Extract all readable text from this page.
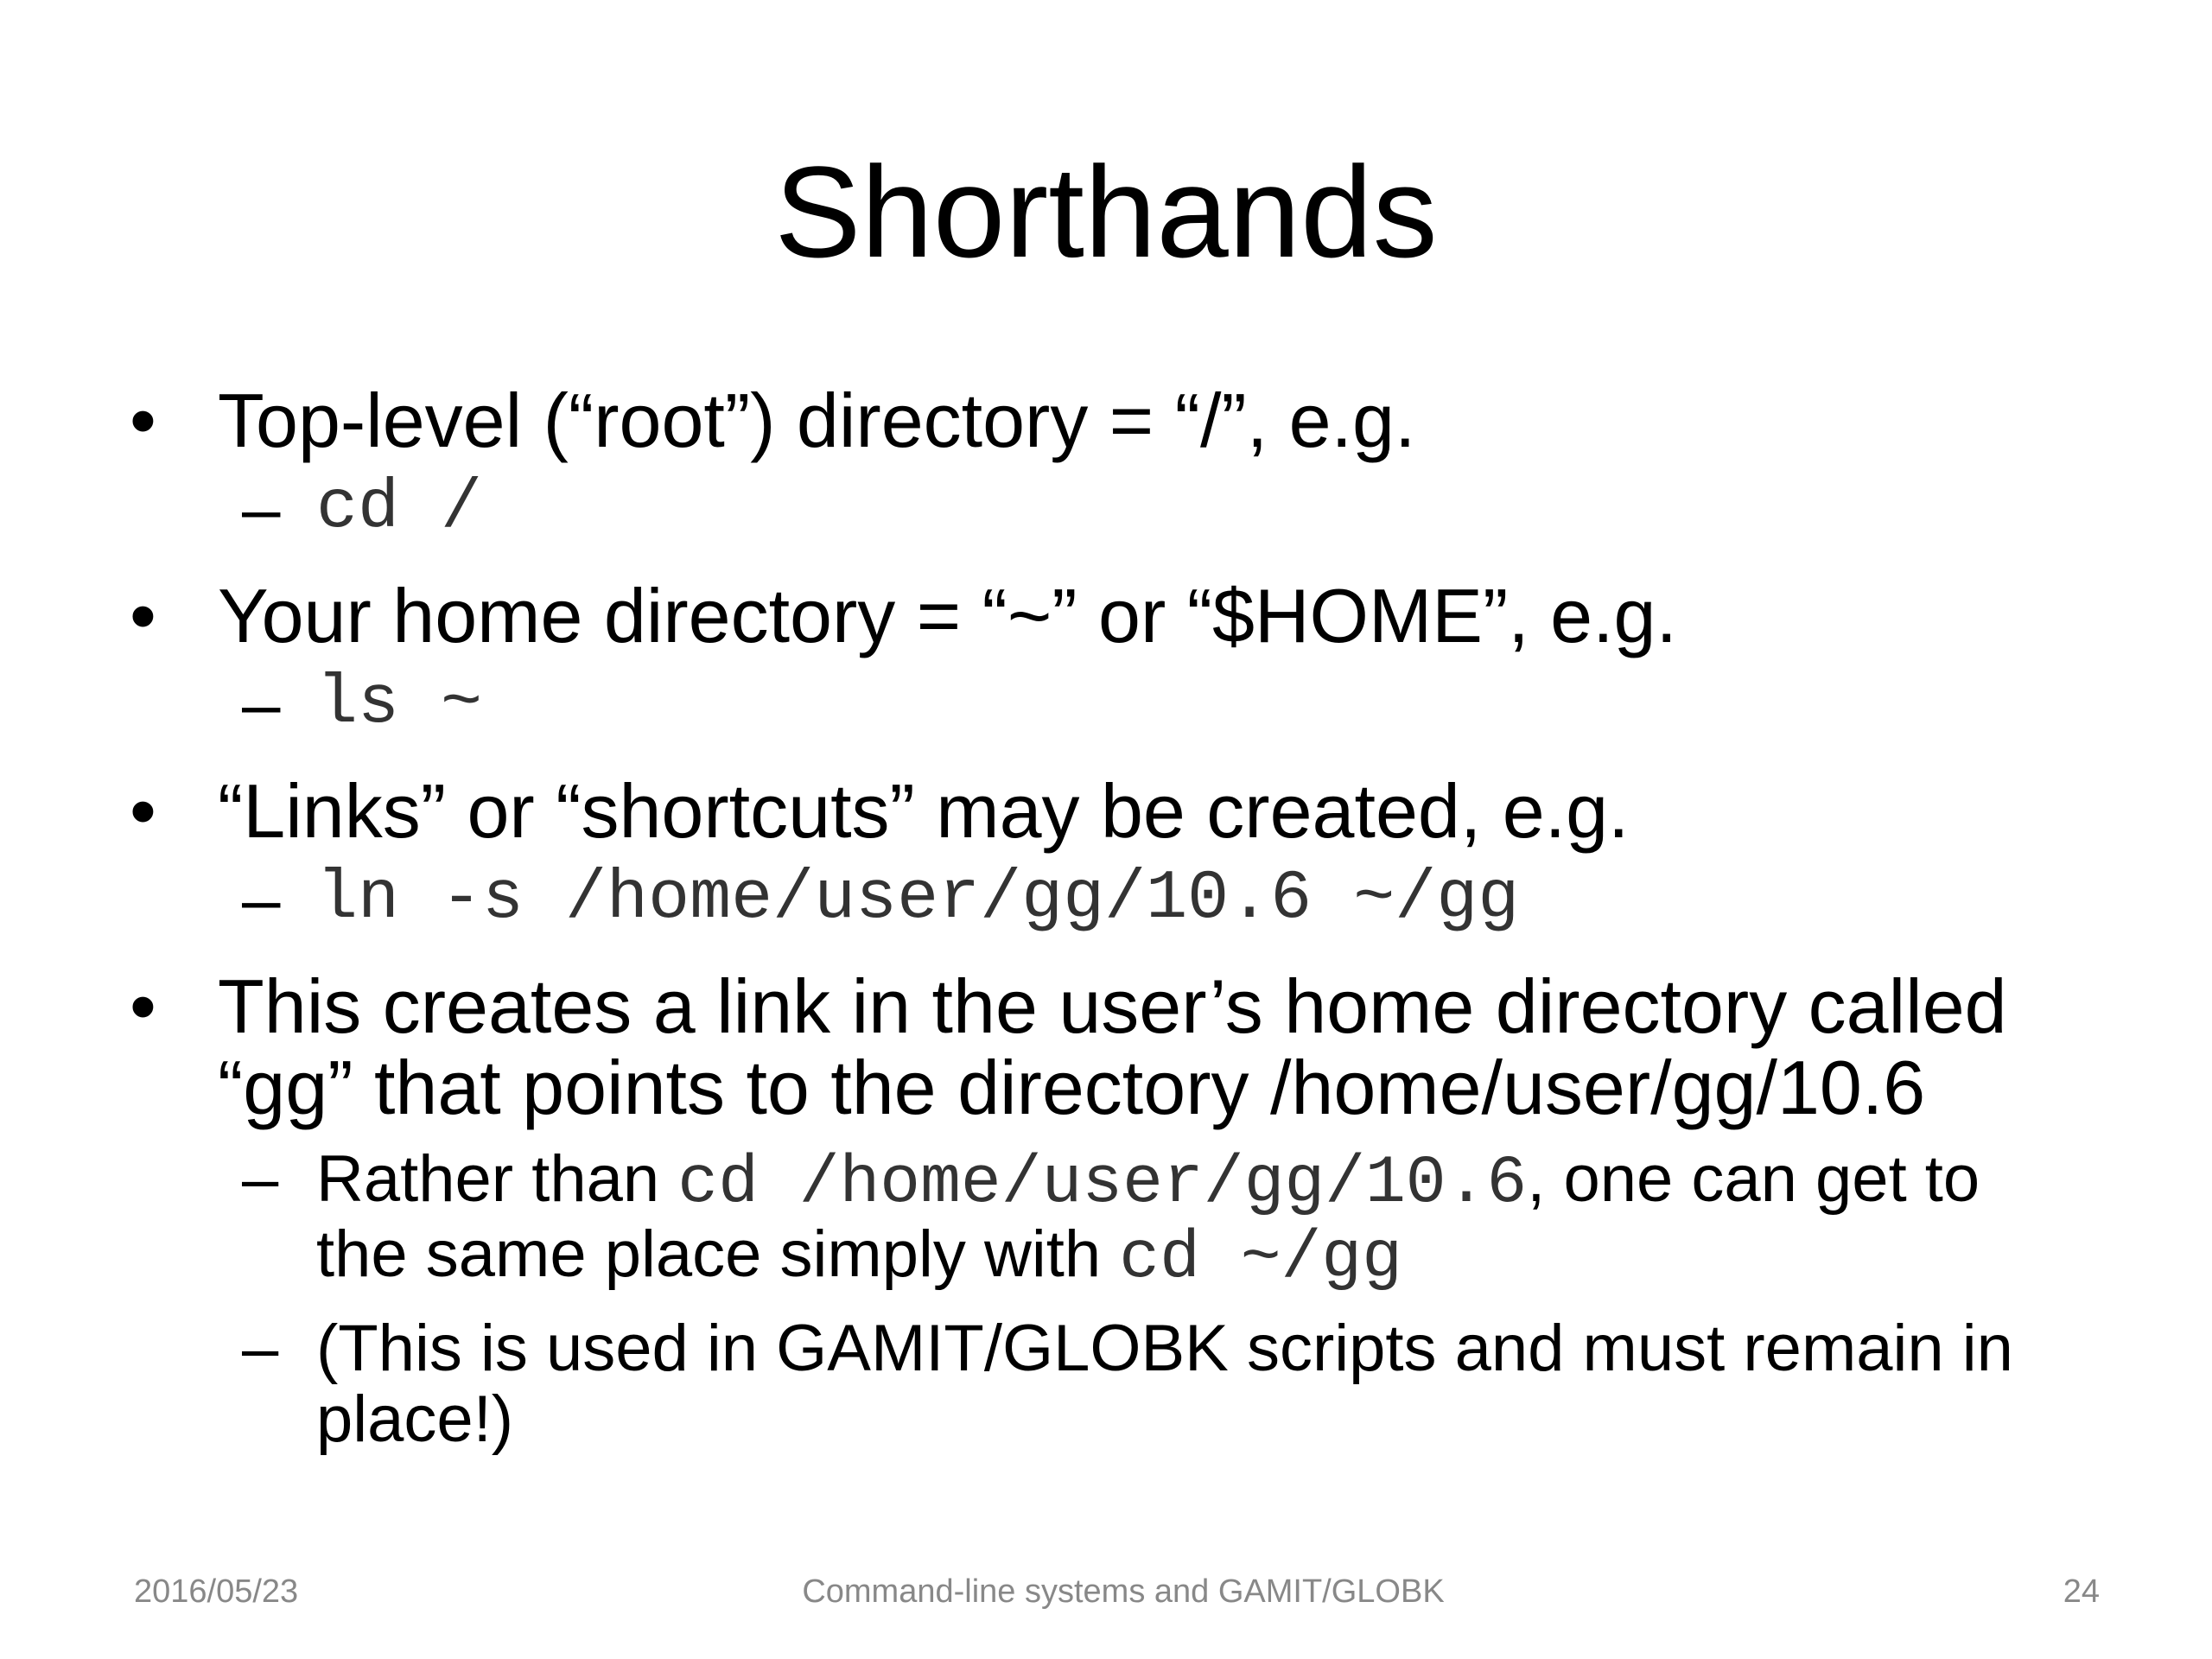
Shorthands
• Top-level (“root”) directory = “/”, e.g.
– cd /
• Your home directory = “~” or “$HOME”, e.g.
– ls ~
• “Links” or “shortcuts” may be created, e.g.
– ln -s /home/user/gg/10.6 ~/gg
• This creates a link in the user’s home directory called
“gg” that points to the directory /home/user/gg/10.6
– Rather than cd /home/user/gg/10.6, one can get to
the same place simply with cd ~/gg
– (This is used in GAMIT/GLOBK scripts and must remain in
place!)
2016/05/23	Command-line systems and GAMIT/GLOBK	24
